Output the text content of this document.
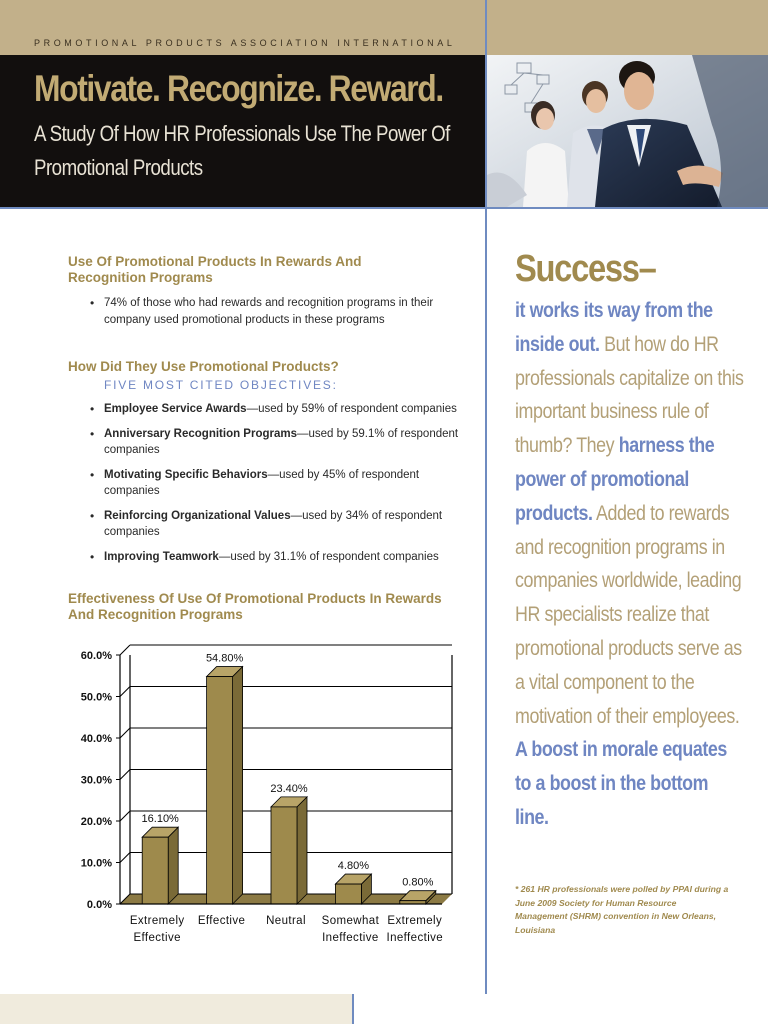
PROMOTIONAL PRODUCTS ASSOCIATION INTERNATIONAL
Motivate. Recognize. Reward.
A Study Of How HR Professionals Use The Power Of Promotional Products
Use Of Promotional Products In Rewards And Recognition Programs
• 74% of those who had rewards and recognition programs in their company used promotional products in these programs
How Did They Use Promotional Products?
FIVE MOST CITED OBJECTIVES:
• Employee Service Awards—used by 59% of respondent companies
• Anniversary Recognition Programs—used by 59.1% of respondent companies
• Motivating Specific Behaviors—used by 45% of respondent companies
• Reinforcing Organizational Values—used by 34% of respondent companies
• Improving Teamwork—used by 31.1% of respondent companies
Effectiveness Of Use Of Promotional Products In Rewards And Recognition Programs
0.0%
10.0%
20.0%
30.0%
40.0%
50.0%
60.0%
16.10%
Extremely
Effective
54.80%
Effective
23.40%
Neutral
4.80%
Somewhat
Ineffective
0.80%
Extremely
Ineffective
Success–
it works its way from the inside out. But how do HR professionals capitalize on this important business rule of thumb? They harness the power of promotional products. Added to rewards and recognition programs in companies worldwide, leading HR specialists realize that promotional products serve as a vital component to the motivation of their employees. A boost in morale equates to a boost in the bottom line.
* 261 HR professionals were polled by PPAI during a June 2009 Society for Human Resource Management (SHRM) convention in New Orleans, Louisiana
